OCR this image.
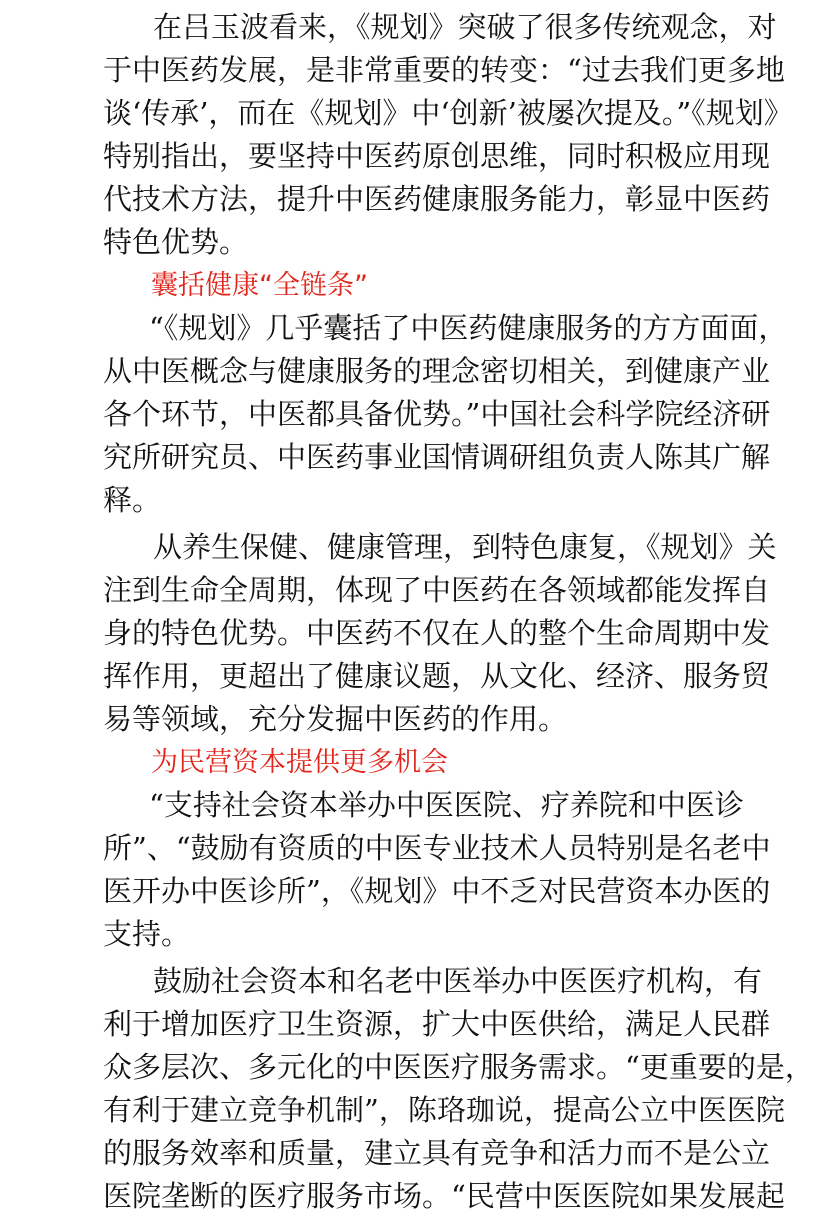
在吕玉波看来，《规划》突破了很多传统观念，对

于中医药发展，是非常重要的转变：“过去我们更多地

谈‘传承’，而在《规划》中‘创新’被屡次提及。”《规划》

特别指出，要坚持中医药原创思维，同时积极应用现

代技术方法，提升中医药健康服务能力，彰显中医药

特色优势。

囊括健康“全链条”

“《规划》几乎囊括了中医药健康服务的方方面面，

从中医概念与健康服务的理念密切相关，到健康产业

各个环节，中医都具备优势。”中国社会科学院经济研

究所研究员、中医药事业国情调研组负责人陈其广解

释。

从养生保健、健康管理，到特色康复，《规划》关

注到生命全周期，体现了中医药在各领域都能发挥自

身的特色优势。中医药不仅在人的整个生命周期中发

挥作用，更超出了健康议题，从文化、经济、服务贸

易等领域，充分发掘中医药的作用。

为民营资本提供更多机会

“支持社会资本举办中医医院、疗养院和中医诊

所”、“鼓励有资质的中医专业技术人员特别是名老中

医开办中医诊所”，《规划》中不乏对民营资本办医的

支持。

鼓励社会资本和名老中医举办中医医疗机构，有

利于增加医疗卫生资源，扩大中医供给，满足人民群

众多层次、多元化的中医医疗服务需求。“更重要的是，

有利于建立竞争机制”，陈珞珈说，提高公立中医医院

的服务效率和质量，建立具有竞争和活力而不是公立

医院垄断的医疗服务市场。“民营中医医院如果发展起
